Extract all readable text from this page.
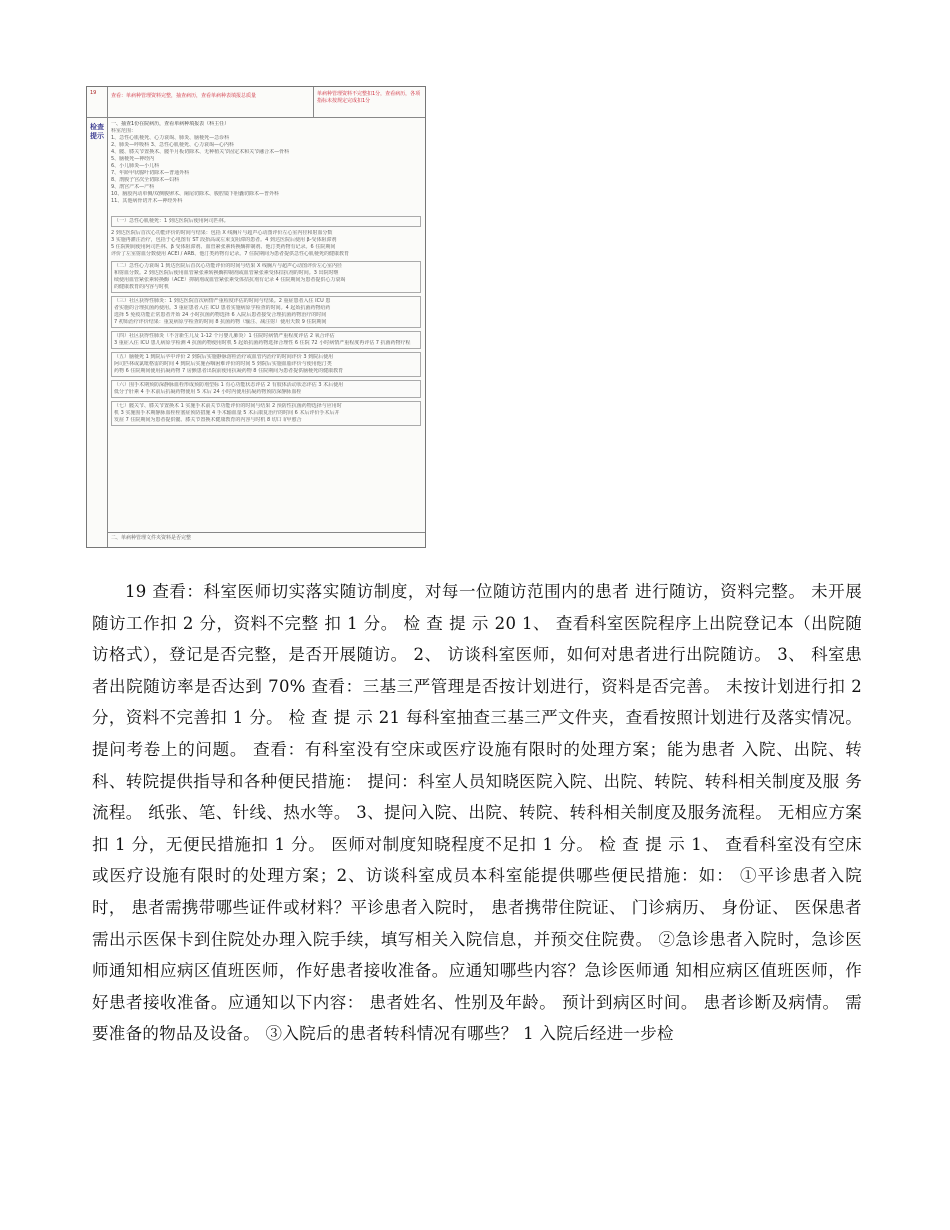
19	查看：单病种管理资料完整，抽查病历，查看单病种表填报总质量	单病种管理资料不完整扣1分，查看病历，各项指标未按规定完成扣1分
检查提示
一、抽查1份在院病历，查看单病种填报表（科主任）
科室范围：
1、急性心肌梗死、心力衰竭、肺炎、脑梗死—急诊科
2、肺炎—呼吸科 3、急性心肌梗死、心力衰竭—心内科
4、髋、膝关节置换术、髋半月板切除术、无种植关节固定术和关节融合术—骨科
5、脑梗死—神经内
6、小儿肺炎—小儿科
7、年龄甲状腺叶切除术—普通外科
8、剖腹子宫次全切除术—妇科
9、剖宫产术—产科
10、脑胶内动单侧/双侧腹卵术、阑尾切除术、腹腔镜下胆囊切除术—普外科
11、其他病骨切开术—神经外科
（一）急性心肌梗死：1 到达医院后使用阿司匹林。
2 到达医院后首次心功能评价的时间与结果：包括 X 线胸片与超声心动图评价左心室内径和射血分数
3 实施再灌注治疗，包括于心电图有 ST 段抬高或左束支阻滞的患者。4 到达医院后使用 β-受体阻滞剂
5 住院期间使用阿司匹林、β 受体阻滞剂、血管紧张素转换酶抑制剂、他汀类药物有记录。6 住院期间
评价了左室射血分数使用 ACEI / ARB、他汀类药物有记录。7 住院期间为患者提供急性心肌梗死的健康教育
（二）急性心力衰竭 1 到达医院后首次心功能评价的时间与结果 X 线胸片与超声心动图评价左心室内径
和射血分数。2 到达医院后使用血管紧张素转换酶抑制剂或血管紧张素受体拮抗剂的时间。3 出院时继
续使用血管紧张素转换酶（ACE）抑制剂或血管紧张素受体拮抗剂有记录 4 住院期间为患者提供心力衰竭
的健康教育的内容与时机
（三）社区获得性肺炎：1 到达医院首次病情严重程度评估的时间与结果。2 重症患者入住 ICU 患
者实施的合理抗菌药使用。3 重症患者入住 ICU 患者实施病原学检查的时间。4 起始抗菌药物给药
选择 5 免疫功能正常患者开始 24 小时抗菌药物选择 6 入院后患者接受合理抗菌药物治疗的时间
7 初始治疗评价结果：重复病原学检查的时间 8 抗菌药物（输注、减注射）使用天数 9 住院期间
（四）社区获得性肺炎（不含新生儿及 1-12 个月婴儿肺炎）1 住院时病情严重程度评估 2 氧合评估
3 重症入住 ICU 患儿病原学检测 4 抗菌药物使用时机 5 起始抗菌药物选择合理性 6 住院 72 小时病情严重程度再评估 7 抗菌药物疗程
（五）脑梗死 1 到院后卒中评价 2 到院后实施静脉溶栓治疗或血管内治疗的时间评价 3 到院后使用
阿司匹林或氯吡格雷的时间 4 到院后实施吞咽困难评价的时间 5 到院后实施血脂评价与使用他汀类
药物 6 住院期间使用抗凝药物 7 房颤患者出院前使用抗凝药物 8 住院期间为患者提供脑梗死的健康教育
（六）围手术期预防深静脉血栓形成预防剂型标 1 有心功能状态评估 2 有肢体活动状态评估 3 术后使用
低分子肝素 4 手术前后抗凝药物使用 5 术后 24 小时内使用抗凝药物预防深静脉血栓
（七）髋关节、膝关节置换术 1 实施手术前关节功能评价的时间与结果 2 预防性抗菌药物选择与应用时
机 3 实施围手术期静脉血栓栓塞症预防措施 4 手术输血量 5 术后康复治疗的时间 6 术后评价手术后并
发症 7 住院期间为患者提供髋、膝关节置换术健康教育的内容与时机 8 切口 I/甲愈合
二、单病种管理文件夹资料是否完整

19 查看：科室医师切实落实随访制度，对每一位随访范围内的患者 进行随访，资料完整。 未开展随访工作扣 2 分，资料不完整 扣 1 分。 检 查 提 示 20 1、 查看科室医院程序上出院登记本（出院随访格式），登记是否完整，是否开展随访。 2、 访谈科室医师，如何对患者进行出院随访。 3、 科室患者出院随访率是否达到 70% 查看：三基三严管理是否按计划进行，资料是否完善。 未按计划进行扣 2 分，资料不完善扣 1 分。 检 查 提 示 21 每科室抽查三基三严文件夹，查看按照计划进行及落实情况。提问考卷上的问题。 查看：有科室没有空床或医疗设施有限时的处理方案；能为患者 入院、出院、转科、转院提供指导和各种便民措施： 提问：科室人员知晓医院入院、出院、转院、转科相关制度及服 务流程。 纸张、笔、针线、热水等。 3、提问入院、出院、转院、转科相关制度及服务流程。 无相应方案扣 1 分，无便民措施扣 1 分。 医师对制度知晓程度不足扣 1 分。 检 查 提 示 1、 查看科室没有空床或医疗设施有限时的处理方案；2、访谈科室成员本科室能提供哪些便民措施：如： ①平诊患者入院时， 患者需携带哪些证件或材料？平诊患者入院时， 患者携带住院证、 门诊病历、 身份证、 医保患者需出示医保卡到住院处办理入院手续，填写相关入院信息，并预交住院费。 ②急诊患者入院时，急诊医师通知相应病区值班医师，作好患者接收准备。应通知哪些内容？急诊医师通 知相应病区值班医师，作好患者接收准备。应通知以下内容： 患者姓名、性别及年龄。 预计到病区时间。 患者诊断及病情。 需要准备的物品及设备。 ③入院后的患者转科情况有哪些？ 1 入院后经进一步检
